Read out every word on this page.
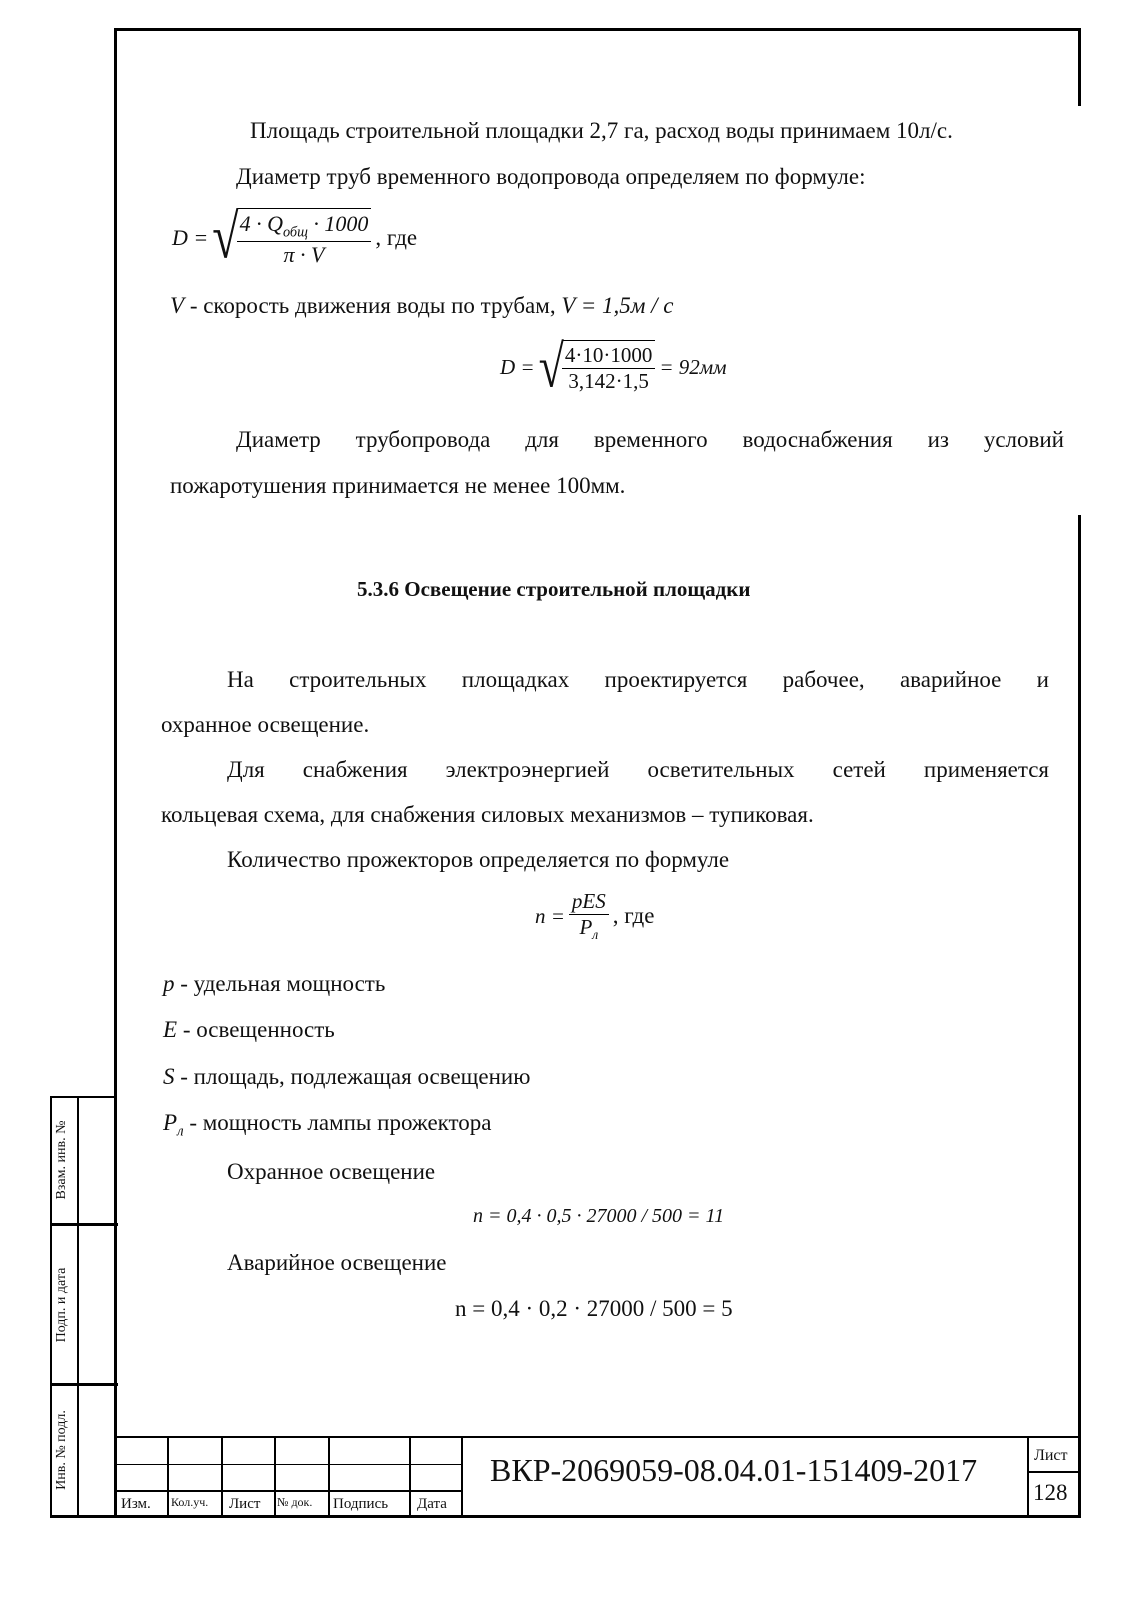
Площадь строительной площадки 2,7 га, расход воды принимаем 10л/с.
Диаметр труб временного водопровода определяем по формуле:
D = √
$\frac{4 \cdot Q_{общ} \cdot 1000}{\pi \cdot V}$ , где
V - скорость движения воды по трубам, V = 1,5м / с
D = √
$\frac{4\cdot 10\cdot 1000}{3,142\cdot 1,5} = 92мм$
Диаметр трубопровода для временного водоснабжения из условий
пожаротушения принимается не менее 100мм.
5.3.6 Освещение строительной площадки
На строительных площадках проектируется рабочее, аварийное и
охранное освещение.
Для снабжения электроэнергией осветительных сетей применяется
кольцевая схема, для снабжения силовых механизмов – тупиковая.
Количество прожекторов определяется по формуле
$n = \frac{\text{pES}}{P_л}$ , где
p - удельная мощность
E - освещенность
S - площадь, подлежащая освещению
$P_л$ - мощность лампы прожектора
Охранное освещение
n = 0,4 · 0,5 · 27000 / 500 = 11
Аварийное освещение
n = 0,4 · 0,2 · 27000 / 500 = 5
Взам. инв. №
Подп. и дата
Инв. № подл.
Изм. Кол.уч. Лист № док. Подпись Дата
ВКР-2069059-08.04.01-151409-2017	Лист
128
